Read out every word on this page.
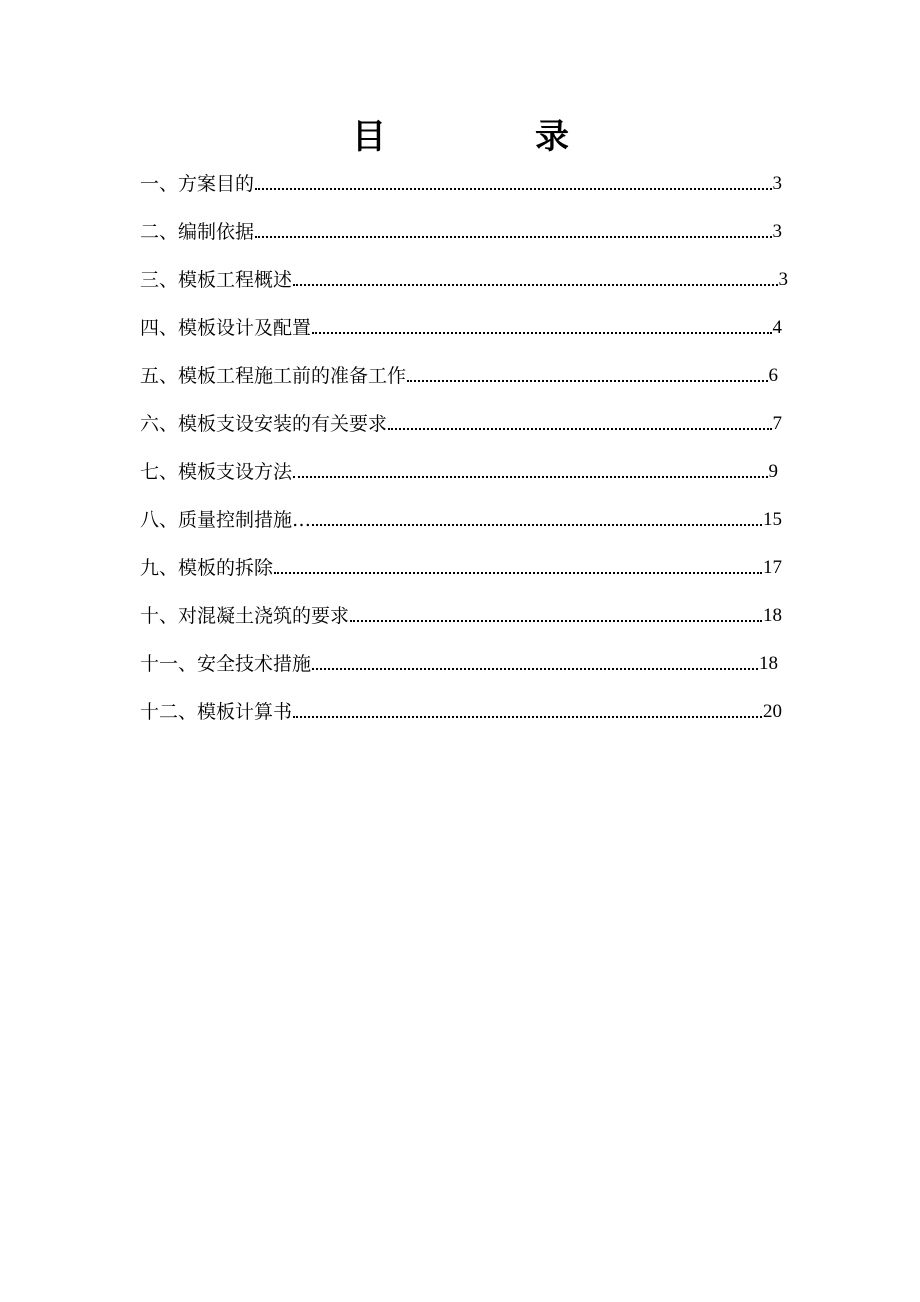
目	录
一、方案目的	3
二、编制依据	3
三、模板工程概述	3
四、模板设计及配置	4
五、模板工程施工前的准备工作	6
六、模板支设安装的有关要求	7
七、模板支设方法	9
八、质量控制措施…	15
九、模板的拆除	17
十、对混凝土浇筑的要求	18
十一、安全技术措施	18
十二、模板计算书	20
